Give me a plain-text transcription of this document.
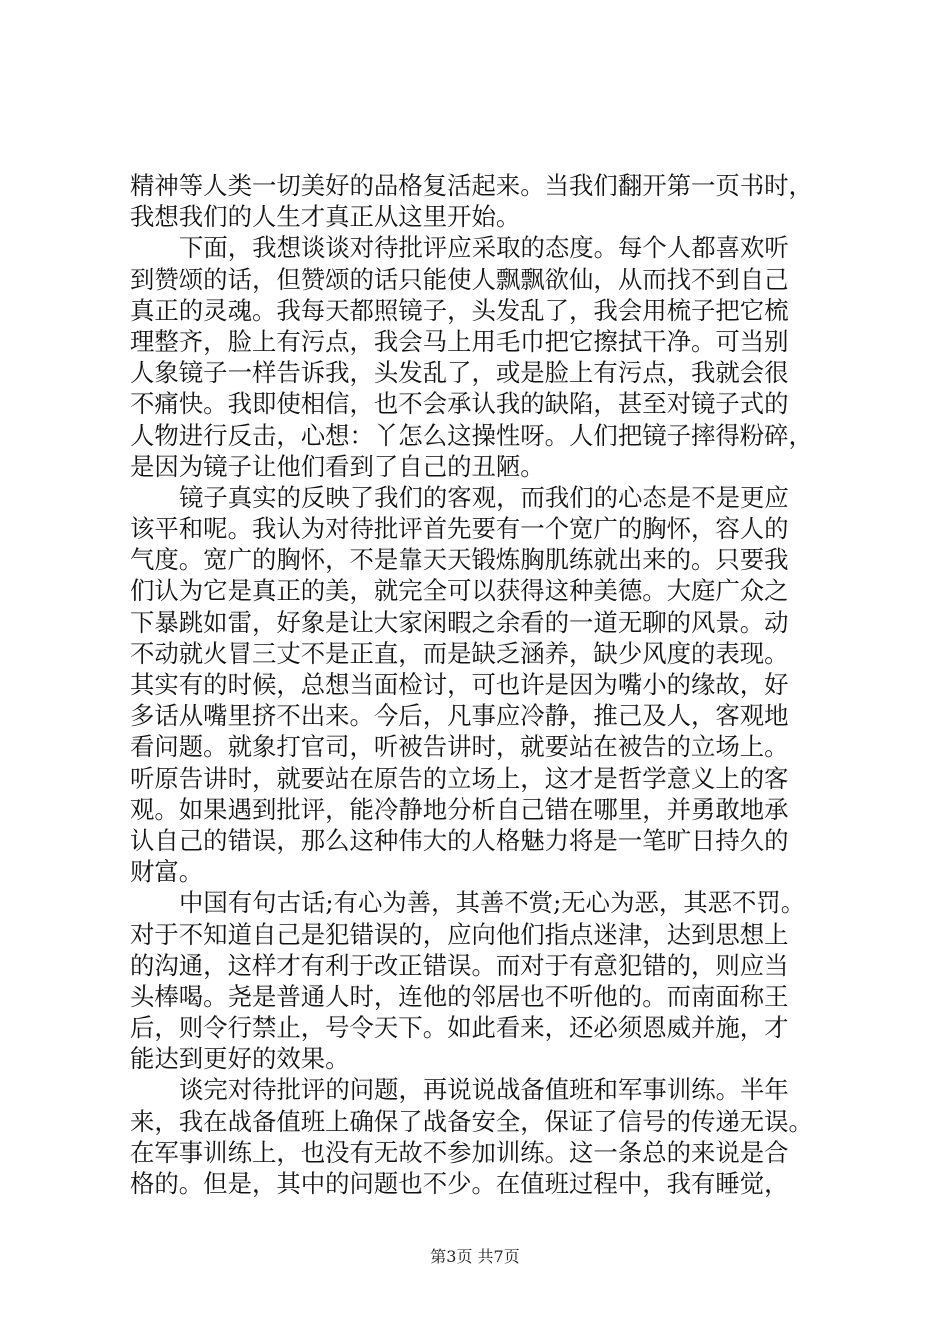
精神等人类一切美好的品格复活起来。当我们翻开第一页书时，
我想我们的人生才真正从这里开始。
下面，我想谈谈对待批评应采取的态度。每个人都喜欢听
到赞颂的话，但赞颂的话只能使人飘飘欲仙，从而找不到自己
真正的灵魂。我每天都照镜子，头发乱了，我会用梳子把它梳
理整齐，脸上有污点，我会马上用毛巾把它擦拭干净。可当别
人象镜子一样告诉我，头发乱了，或是脸上有污点，我就会很
不痛快。我即使相信，也不会承认我的缺陷，甚至对镜子式的
人物进行反击，心想：丫怎么这操性呀。人们把镜子摔得粉碎，
是因为镜子让他们看到了自己的丑陋。
镜子真实的反映了我们的客观，而我们的心态是不是更应
该平和呢。我认为对待批评首先要有一个宽广的胸怀，容人的
气度。宽广的胸怀，不是靠天天锻炼胸肌练就出来的。只要我
们认为它是真正的美，就完全可以获得这种美德。大庭广众之
下暴跳如雷，好象是让大家闲暇之余看的一道无聊的风景。动
不动就火冒三丈不是正直，而是缺乏涵养，缺少风度的表现。
其实有的时候，总想当面检讨，可也许是因为嘴小的缘故，好
多话从嘴里挤不出来。今后，凡事应冷静，推己及人，客观地
看问题。就象打官司，听被告讲时，就要站在被告的立场上。
听原告讲时，就要站在原告的立场上，这才是哲学意义上的客
观。如果遇到批评，能冷静地分析自己错在哪里，并勇敢地承
认自己的错误，那么这种伟大的人格魅力将是一笔旷日持久的
财富。
中国有句古话;有心为善，其善不赏;无心为恶，其恶不罚。
对于不知道自己是犯错误的，应向他们指点迷津，达到思想上
的沟通，这样才有利于改正错误。而对于有意犯错的，则应当
头棒喝。尧是普通人时，连他的邻居也不听他的。而南面称王
后，则令行禁止，号令天下。如此看来，还必须恩威并施，才
能达到更好的效果。
谈完对待批评的问题，再说说战备值班和军事训练。半年
来，我在战备值班上确保了战备安全，保证了信号的传递无误。
在军事训练上，也没有无故不参加训练。这一条总的来说是合
格的。但是，其中的问题也不少。在值班过程中，我有睡觉，
第3页 共7页
